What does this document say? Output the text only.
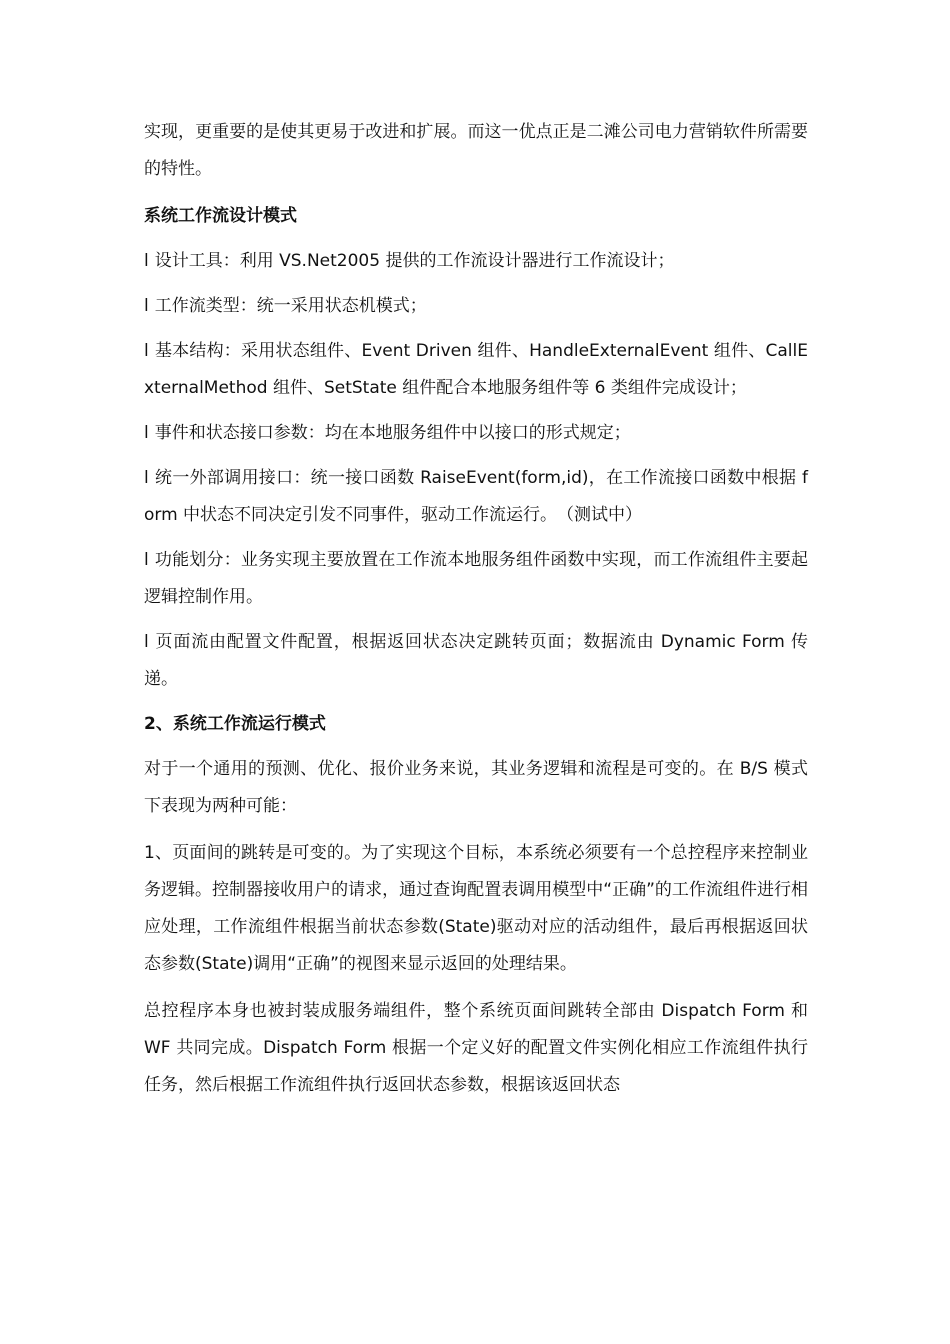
实现，更重要的是使其更易于改进和扩展。而这一优点正是二滩公司电力营销软件所需要的特性。

系统工作流设计模式

l 设计工具：利用 VS.Net2005 提供的工作流设计器进行工作流设计；

l 工作流类型：统一采用状态机模式；

l 基本结构：采用状态组件、Event Driven 组件、HandleExternalEvent 组件、CallExternalMethod 组件、SetState 组件配合本地服务组件等 6 类组件完成设计；

l 事件和状态接口参数：均在本地服务组件中以接口的形式规定；

l 统一外部调用接口：统一接口函数 RaiseEvent(form,id)，在工作流接口函数中根据 form 中状态不同决定引发不同事件，驱动工作流运行。　（测试中）

l 功能划分：业务实现主要放置在工作流本地服务组件函数中实现，而工作流组件主要起逻辑控制作用。

l 页面流由配置文件配置，根据返回状态决定跳转页面；数据流由 Dynamic Form 传递。

2、系统工作流运行模式

对于一个通用的预测、优化、报价业务来说，其业务逻辑和流程是可变的。在 B/S 模式下表现为两种可能：

1、页面间的跳转是可变的。为了实现这个目标，本系统必须要有一个总控程序来控制业务逻辑。控制器接收用户的请求，通过查询配置表调用模型中“正确”的工作流组件进行相应处理，工作流组件根据当前状态参数(State)驱动对应的活动组件，最后再根据返回状态参数(State)调用“正确”的视图来显示返回的处理结果。

总控程序本身也被封装成服务端组件，整个系统页面间跳转全部由 Dispatch Form 和 WF 共同完成。Dispatch Form 根据一个定义好的配置文件实例化相应工作流组件执行任务，然后根据工作流组件执行返回状态参数，根据该返回状态
